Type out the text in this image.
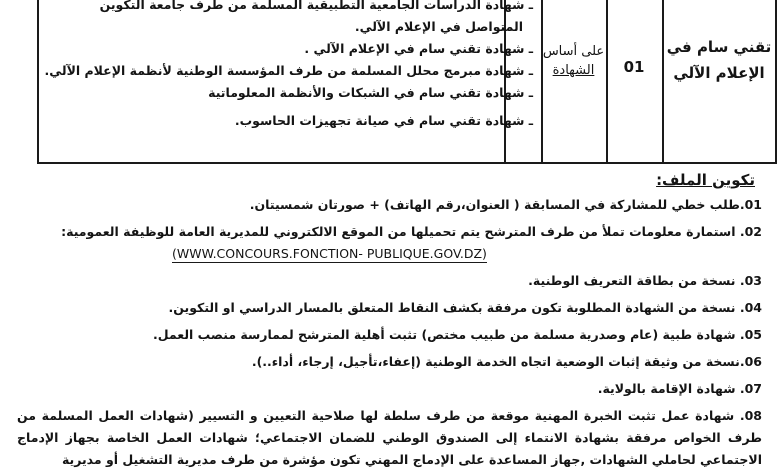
تقني سام في
الإعلام الآلي
01
على أساس
الشهادة
ـ شهادة الدراسات الجامعية التطبيقية المسلمة من طرف جامعة التكوين
المتواصل في الإعلام الآلي.
ـ شهادة تقني سام في الإعلام الآلي .
ـ شهادة مبرمج محلل المسلمة من طرف المؤسسة الوطنية لأنظمة الإعلام الآلي.
ـ شهادة تقني سام في الشبكات والأنظمة المعلوماتية
ـ شهادة تقني سام في صيانة تجهيزات الحاسوب.
تكوين الملف:
01.طلب خطي للمشاركة في المسابقة ( العنوان،رقم الهاتف) + صورتان شمسيتان.
02. استمارة معلومات تملأ من طرف المترشح يتم تحميلها من الموقع الالكتروني للمديرية العامة للوظيفة العمومية:
(WWW.CONCOURS.FONCTION- PUBLIQUE.GOV.DZ)
03. نسخة من بطاقة التعريف الوطنية.
04. نسخة من الشهادة المطلوبة تكون مرفقة بكشف النقاط المتعلق بالمسار الدراسي او التكوين.
05. شهادة طبية (عام وصدرية مسلمة من طبيب مختص) تثبت أهلية المترشح لممارسة منصب العمل.
06.نسخة من وثيقة إثبات الوضعية اتجاه الخدمة الوطنية (إعفاء،تأجيل، إرجاء، أداء..).
07. شهادة الإقامة بالولاية.
08. شهادة عمل تثبت الخبرة المهنية موقعة من طرف سلطة لها صلاحية التعيين و التسيير (شهادات العمل المسلمة من طرف الخواص مرفقة بشهادة الانتماء إلى الصندوق الوطني للضمان الاجتماعي؛ شهادات العمل الخاصة بجهاز الإدماج الاجتماعي لحاملي الشهادات ,جهاز المساعدة على الإدماج المهني تكون مؤشرة من طرف مديرية التشغيل أو مديرية
